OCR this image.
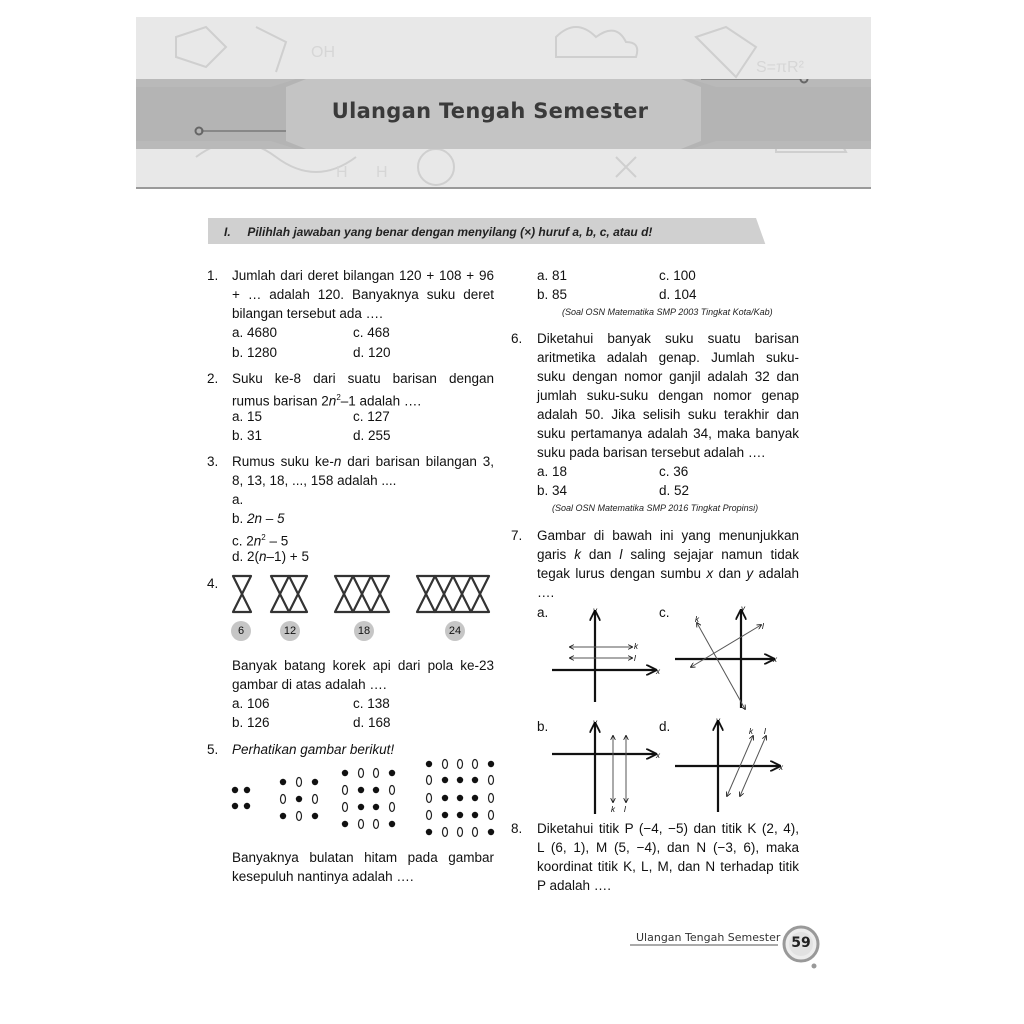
OH
S=πR²
H H
Ulangan Tengah Semester
I. Pilihlah jawaban yang benar dengan menyilang (×) huruf a, b, c, atau d!
1. Jumlah dari deret bilangan 120 + 108 + 96
+ … adalah 120. Banyaknya suku deret
bilangan tersebut ada ….
a. 4680	c. 468
b. 1280	d. 120
2. Suku ke-8 dari suatu barisan dengan
rumus barisan $2n^2-1$ adalah ….
a. 15	c. 127
b. 31	d. 255
3. Rumus suku ke-n dari barisan bilangan 3,
8, 13, 18, ..., 158 adalah ....
a.
b. 2n – 5
c. $2n^2 - 5$
d. 2(n–1) + 5
4.
6	12	18	24
Banyak batang korek api dari pola ke-23
gambar di atas adalah ….
a. 106	c. 138
b. 126	d. 168
5. Perhatikan gambar berikut!
Banyaknya bulatan hitam pada gambar
kesepuluh nantinya adalah ….
a. 81	c. 100
b. 85	d. 104
(Soal OSN Matematika SMP 2003 Tingkat Kota/Kab)
6. Diketahui banyak suku suatu barisan
aritmetika adalah genap. Jumlah suku-
suku dengan nomor ganjil adalah 32 dan
jumlah suku-suku dengan nomor genap
adalah 50. Jika selisih suku terakhir dan
suku pertamanya adalah 34, maka banyak
suku pada barisan tersebut adalah ….
a. 18	c. 36
b. 34	d. 52
(Soal OSN Matematika SMP 2016 Tingkat Propinsi)
7. Gambar di bawah ini yang menunjukkan
garis k dan l saling sejajar namun tidak
tegak lurus dengan sumbu x dan y adalah
….
a.	c.
b.	d.
x
y
k
l	x
y
k
l
x
y
k l
x
y
k l
8. Diketahui titik P (−4, −5) dan titik K (2, 4),
L (6, 1), M (5, −4), dan N (−3, 6), maka
koordinat titik K, L, M, dan N terhadap titik
P adalah ….
Ulangan Tengah Semester 59
